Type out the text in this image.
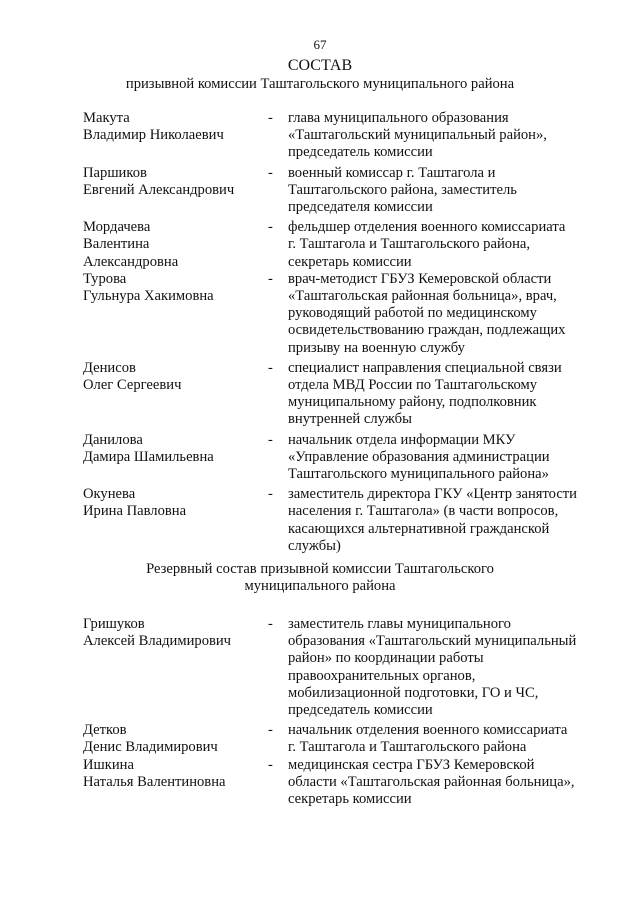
67
СОСТАВ
призывной комиссии Таштагольского муниципального района
Макута
Владимир Николаевич
-	глава муниципального образования
«Таштагольский муниципальный район»,
председатель комиссии
Паршиков
Евгений Александрович
-	военный комиссар г. Таштагола и
Таштагольского района, заместитель
председателя комиссии
Мордачева
Валентина
Александровна
-	фельдшер отделения военного комиссариата
г. Таштагола и Таштагольского района,
секретарь комиссии
Турова
Гульнура Хакимовна
-	врач-методист ГБУЗ Кемеровской области
«Таштагольская районная больница», врач,
руководящий работой по медицинскому
освидетельствованию граждан, подлежащих
призыву на военную службу
Денисов
Олег Сергеевич
-	специалист направления специальной связи
отдела МВД России по Таштагольскому
муниципальному району, подполковник
внутренней службы
Данилова
Дамира Шамильевна
-	начальник отдела информации МКУ
«Управление образования администрации
Таштагольского муниципального района»
Окунева
Ирина Павловна
-	заместитель директора ГКУ «Центр занятости
населения г. Таштагола» (в части вопросов,
касающихся альтернативной гражданской
службы)
Резервный состав призывной комиссии Таштагольского
муниципального района
Гришуков
Алексей Владимирович
-	заместитель главы муниципального
образования «Таштагольский муниципальный
район» по координации работы
правоохранительных органов,
мобилизационной подготовки, ГО и ЧС,
председатель комиссии
Детков
Денис Владимирович
-	начальник отделения военного комиссариата
г. Таштагола и Таштагольского района
Ишкина
Наталья Валентиновна
-	медицинская сестра ГБУЗ Кемеровской
области «Таштагольская районная больница»,
секретарь комиссии
